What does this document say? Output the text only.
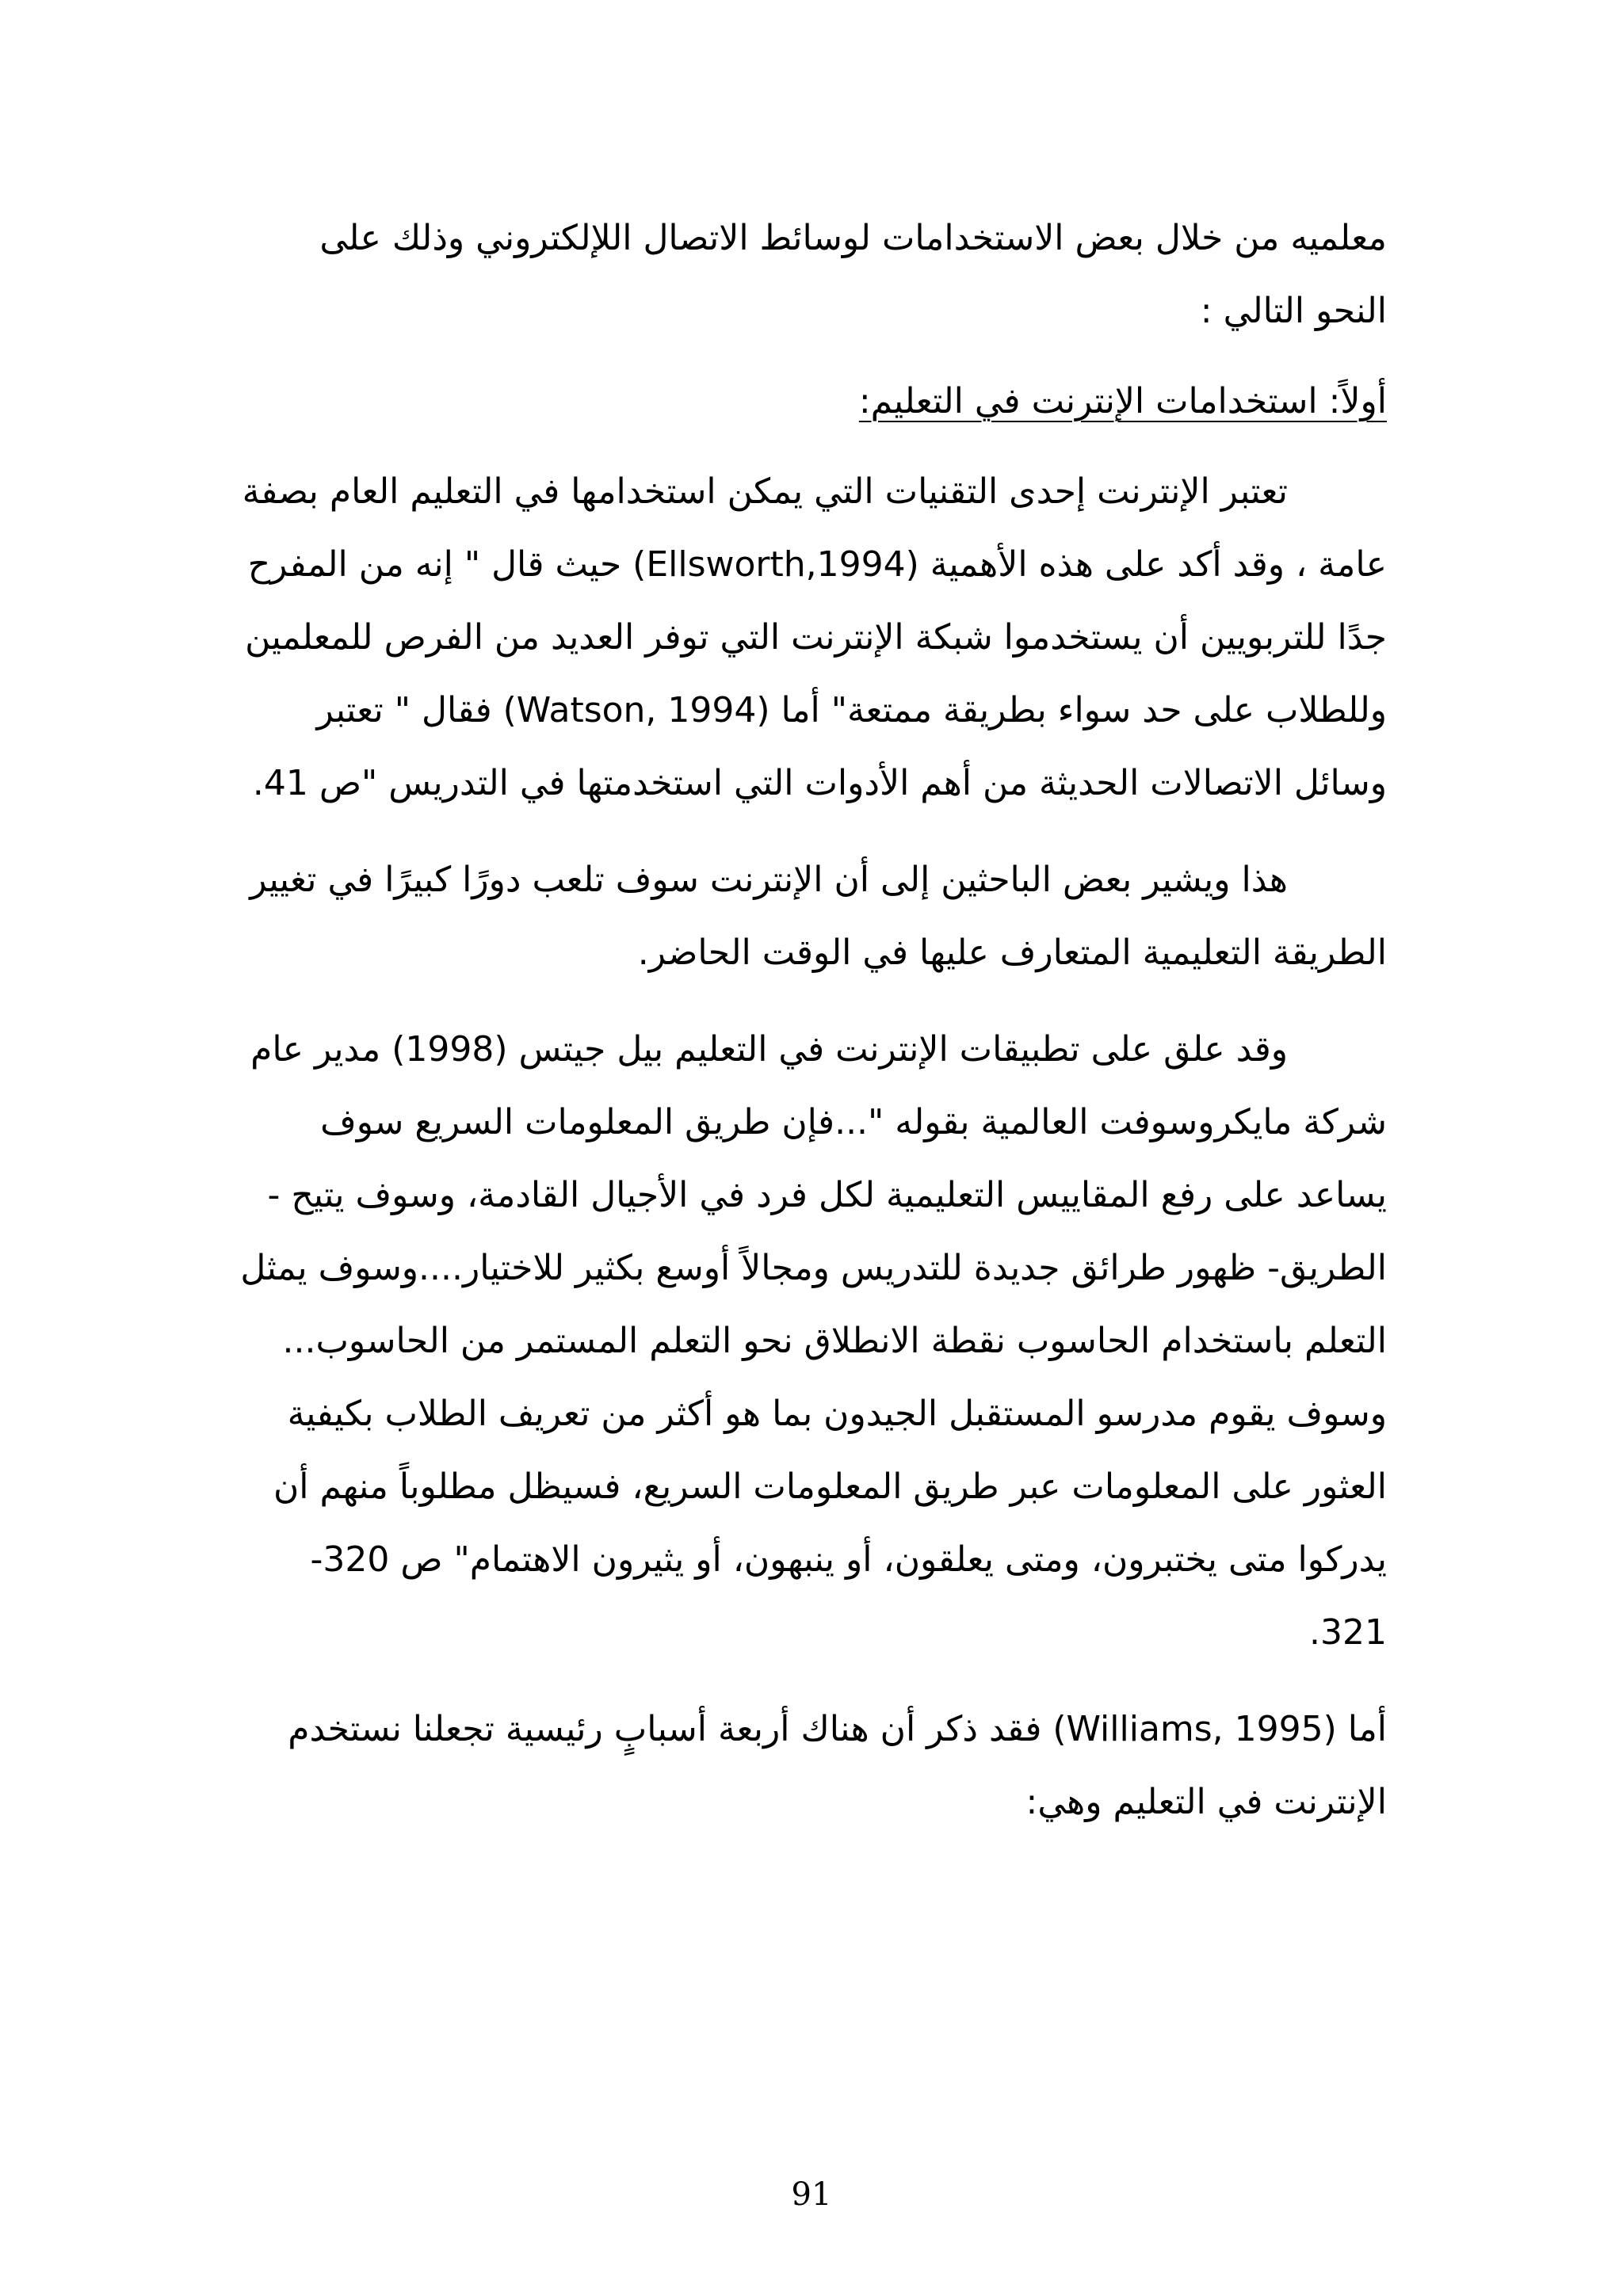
معلميه من خلال بعض الاستخدامات لوسائط الاتصال اللإلكتروني وذلك على النحو التالي :

أولاً: استخدامات الإنترنت في التعليم:

تعتبر الإنترنت إحدى التقنيات التي يمكن استخدامها في التعليم العام بصفة عامة ، وقد أكد على هذه الأهمية (Ellsworth,1994) حيث قال " إنه من المفرح جدًا للتربويين أن يستخدموا شبكة الإنترنت التي توفر العديد من الفرص للمعلمين وللطلاب على حد سواء بطريقة ممتعة" أما (Watson, 1994) فقال " تعتبر وسائل الاتصالات الحديثة من أهم الأدوات التي استخدمتها في التدريس "ص 41.

هذا ويشير بعض الباحثين إلى أن الإنترنت سوف تلعب دورًا كبيرًا في تغيير الطريقة التعليمية المتعارف عليها في الوقت الحاضر.

وقد علق على تطبيقات الإنترنت في التعليم بيل جيتس (1998) مدير عام شركة مايكروسوفت العالمية بقوله "...فإن طريق المعلومات السريع سوف يساعد على رفع المقاييس التعليمية لكل فرد في الأجيال القادمة، وسوف يتيح - الطريق- ظهور طرائق جديدة للتدريس ومجالاً أوسع بكثير للاختيار....وسوف يمثل التعلم باستخدام الحاسوب نقطة الانطلاق نحو التعلم المستمر من الحاسوب... وسوف يقوم مدرسو المستقبل الجيدون بما هو أكثر من تعريف الطلاب بكيفية العثور على المعلومات عبر طريق المعلومات السريع، فسيظل مطلوباً منهم أن يدركوا متى يختبرون، ومتى يعلقون، أو ينبهون، أو يثيرون الاهتمام" ص 320-321.

أما (Williams, 1995) فقد ذكر أن هناك أربعة أسبابٍ رئيسية تجعلنا نستخدم الإنترنت في التعليم وهي:

91
